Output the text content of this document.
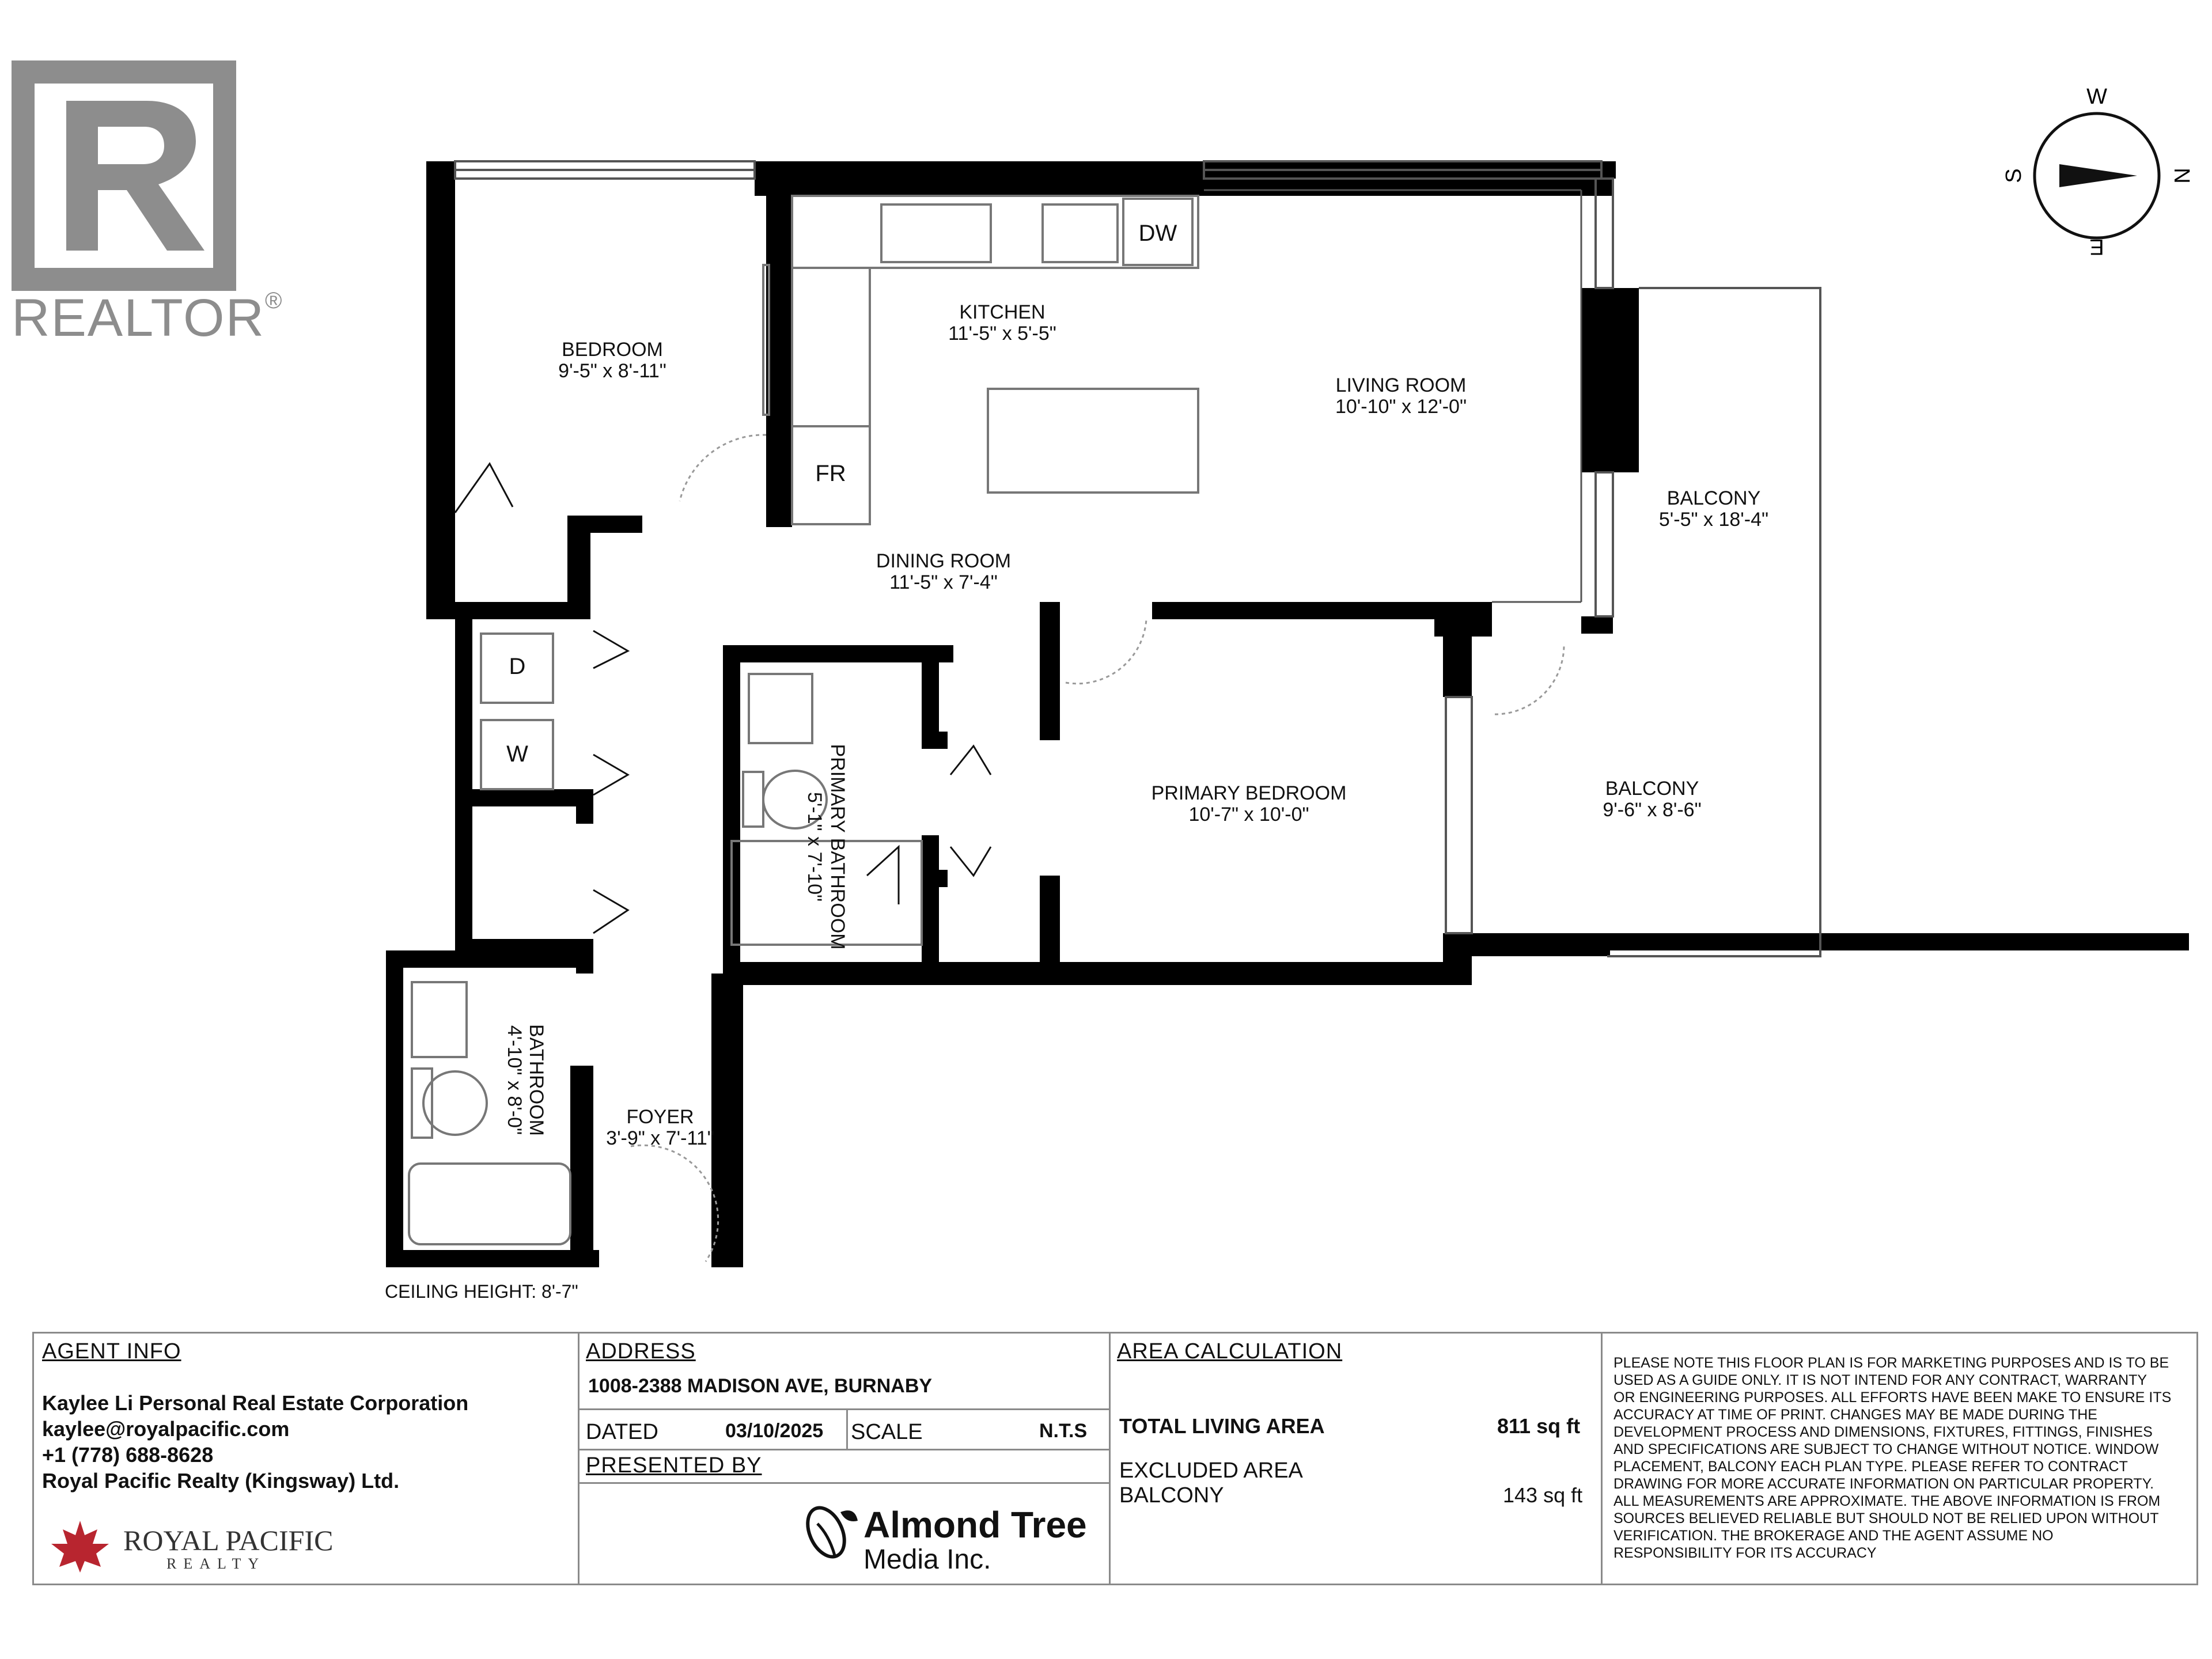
REALTOR®
W
N
S
E
BEDROOM
9'-5" x 8'-11"
KITCHEN
11'-5" x 5'-5"
LIVING ROOM
10'-10" x 12'-0"
DINING ROOM
11'-5" x 7'-4"
BALCONY
5'-5" x 18'-4"
BALCONY
9'-6" x 8'-6"
PRIMARY BEDROOM
10'-7" x 10'-0"
FOYER
3'-9" x 7'-11"
PRIMARY BATHROOM
5'-1" x 7'-10"
BATHROOM
4'-10" x 8'-0"
DW
FR
D
W
CEILING HEIGHT: 8'-7"
AGENT INFO
Kaylee Li Personal Real Estate Corporation
kaylee@royalpacific.com
+1 (778) 688-8628
Royal Pacific Realty (Kingsway) Ltd.
ROYAL PACIFIC
REALTY
ADDRESS
1008-2388 MADISON AVE, BURNABY
DATED	03/10/2025 SCALE	N.T.S
PRESENTED BY
Almond Tree
Media Inc.
AREA CALCULATION
TOTAL LIVING AREA	811 sq ft
EXCLUDED AREA
BALCONY	143 sq ft
PLEASE NOTE THIS FLOOR PLAN IS FOR MARKETING PURPOSES AND IS TO BE
USED AS A GUIDE ONLY. IT IS NOT INTEND FOR ANY CONTRACT, WARRANTY
OR ENGINEERING PURPOSES. ALL EFFORTS HAVE BEEN MAKE TO ENSURE ITS
ACCURACY AT TIME OF PRINT. CHANGES MAY BE MADE DURING THE
DEVELOPMENT PROCESS AND DIMENSIONS, FIXTURES, FITTINGS, FINISHES
AND SPECIFICATIONS ARE SUBJECT TO CHANGE WITHOUT NOTICE. WINDOW
PLACEMENT, BALCONY EACH PLAN TYPE. PLEASE REFER TO CONTRACT
DRAWING FOR MORE ACCURATE INFORMATION ON PARTICULAR PROPERTY.
ALL MEASUREMENTS ARE APPROXIMATE. THE ABOVE INFORMATION IS FROM
SOURCES BELIEVED RELIABLE BUT SHOULD NOT BE RELIED UPON WITHOUT
VERIFICATION. THE BROKERAGE AND THE AGENT ASSUME NO
RESPONSIBILITY FOR ITS ACCURACY
